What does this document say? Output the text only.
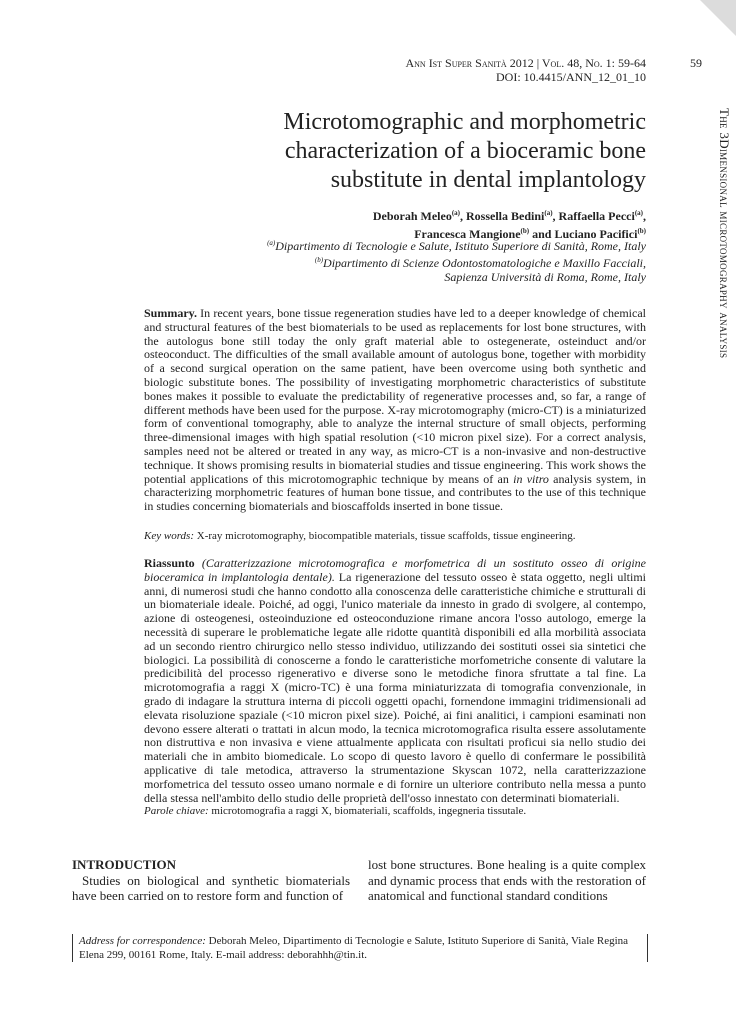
Ann Ist Super Sanità 2012 | Vol. 48, No. 1: 59-64
DOI: 10.4415/ANN_12_01_10
59
The 3Dimensional microtomography analysis
Microtomographic and morphometric
characterization of a bioceramic bone
substitute in dental implantology
Deborah Meleo$^{(a)}$, Rossella Bedini$^{(a)}$, Raffaella Pecci$^{(a)}$,
Francesca Mangione$^{(b)}$ and Luciano Pacifici$^{(b)}$
$^{(a)}$Dipartimento di Tecnologie e Salute, Istituto Superiore di Sanità, Rome, Italy
$^{(b)}$Dipartimento di Scienze Odontostomatologiche e Maxillo Facciali,
Sapienza Università di Roma, Rome, Italy
Summary. In recent years, bone tissue regeneration studies have led to a deeper knowledge of chemical and structural features of the best biomaterials to be used as replacements for lost bone structures, with the autologus bone still today the only graft material able to ostegenerate, osteinduct and/or osteoconduct. The difficulties of the small available amount of autologus bone, together with morbidity of a second surgical operation on the same patient, have been overcome using both synthetic and biologic substitute bones. The possibility of investigating morphometric characteristics of substitute bones makes it possible to evaluate the predictability of regenerative processes and, so far, a range of different methods have been used for the purpose. X-ray microtomography (micro-CT) is a miniaturized form of conventional tomography, able to analyze the internal structure of small objects, performing three-dimensional images with high spatial resolution (<10 micron pixel size). For a correct analysis, samples need not be altered or treated in any way, as micro-CT is a non-invasive and non-destructive technique. It shows promising results in biomaterial studies and tissue engineering. This work shows the potential applications of this microtomographic technique by means of an in vitro analysis system, in characterizing morphometric features of human bone tissue, and contributes to the use of this technique in studies concerning biomaterials and bioscaffolds inserted in bone tissue.
Key words: X-ray microtomography, biocompatible materials, tissue scaffolds, tissue engineering.
Riassunto (Caratterizzazione microtomografica e morfometrica di un sostituto osseo di origine bioceramica in implantologia dentale). La rigenerazione del tessuto osseo è stata oggetto, negli ultimi anni, di numerosi studi che hanno condotto alla conoscenza delle caratteristiche chimiche e strutturali di un biomateriale ideale. Poiché, ad oggi, l'unico materiale da innesto in grado di svolgere, al contempo, azione di osteogenesi, osteoinduzione ed osteoconduzione rimane ancora l'osso autologo, emerge la necessità di superare le problematiche legate alle ridotte quantità disponibili ed alla morbilità associata ad un secondo rientro chirurgico nello stesso individuo, utilizzando dei sostituti ossei sia sintetici che biologici. La possibilità di conoscerne a fondo le caratteristiche morfometriche consente di valutare la predicibilità del processo rigenerativo e diverse sono le metodiche finora sfruttate a tal fine. La microtomografia a raggi X (micro-TC) è una forma miniaturizzata di tomografia convenzionale, in grado di indagare la struttura interna di piccoli oggetti opachi, fornendone immagini tridimensionali ad elevata risoluzione spaziale (<10 micron pixel size). Poiché, ai fini analitici, i campioni esaminati non devono essere alterati o trattati in alcun modo, la tecnica microtomografica risulta essere assolutamente non distruttiva e non invasiva e viene attualmente applicata con risultati proficui sia nello studio dei materiali che in ambito biomedicale. Lo scopo di questo lavoro è quello di confermare le possibilità applicative di tale metodica, attraverso la strumentazione Skyscan 1072, nella caratterizzazione morfometrica del tessuto osseo umano normale e di fornire un ulteriore contributo nella messa a punto della stessa nell'ambito dello studio delle proprietà dell'osso innestato con determinati biomateriali.
Parole chiave: microtomografia a raggi X, biomateriali, scaffolds, ingegneria tissutale.
INTRODUCTION
Studies on biological and synthetic biomaterials have been carried on to restore form and function of
lost bone structures. Bone healing is a quite complex and dynamic process that ends with the restoration of anatomical and functional standard conditions
Address for correspondence: Deborah Meleo, Dipartimento di Tecnologie e Salute, Istituto Superiore di Sanità, Viale Regina Elena 299, 00161 Rome, Italy. E-mail address: deborahhh@tin.it.
